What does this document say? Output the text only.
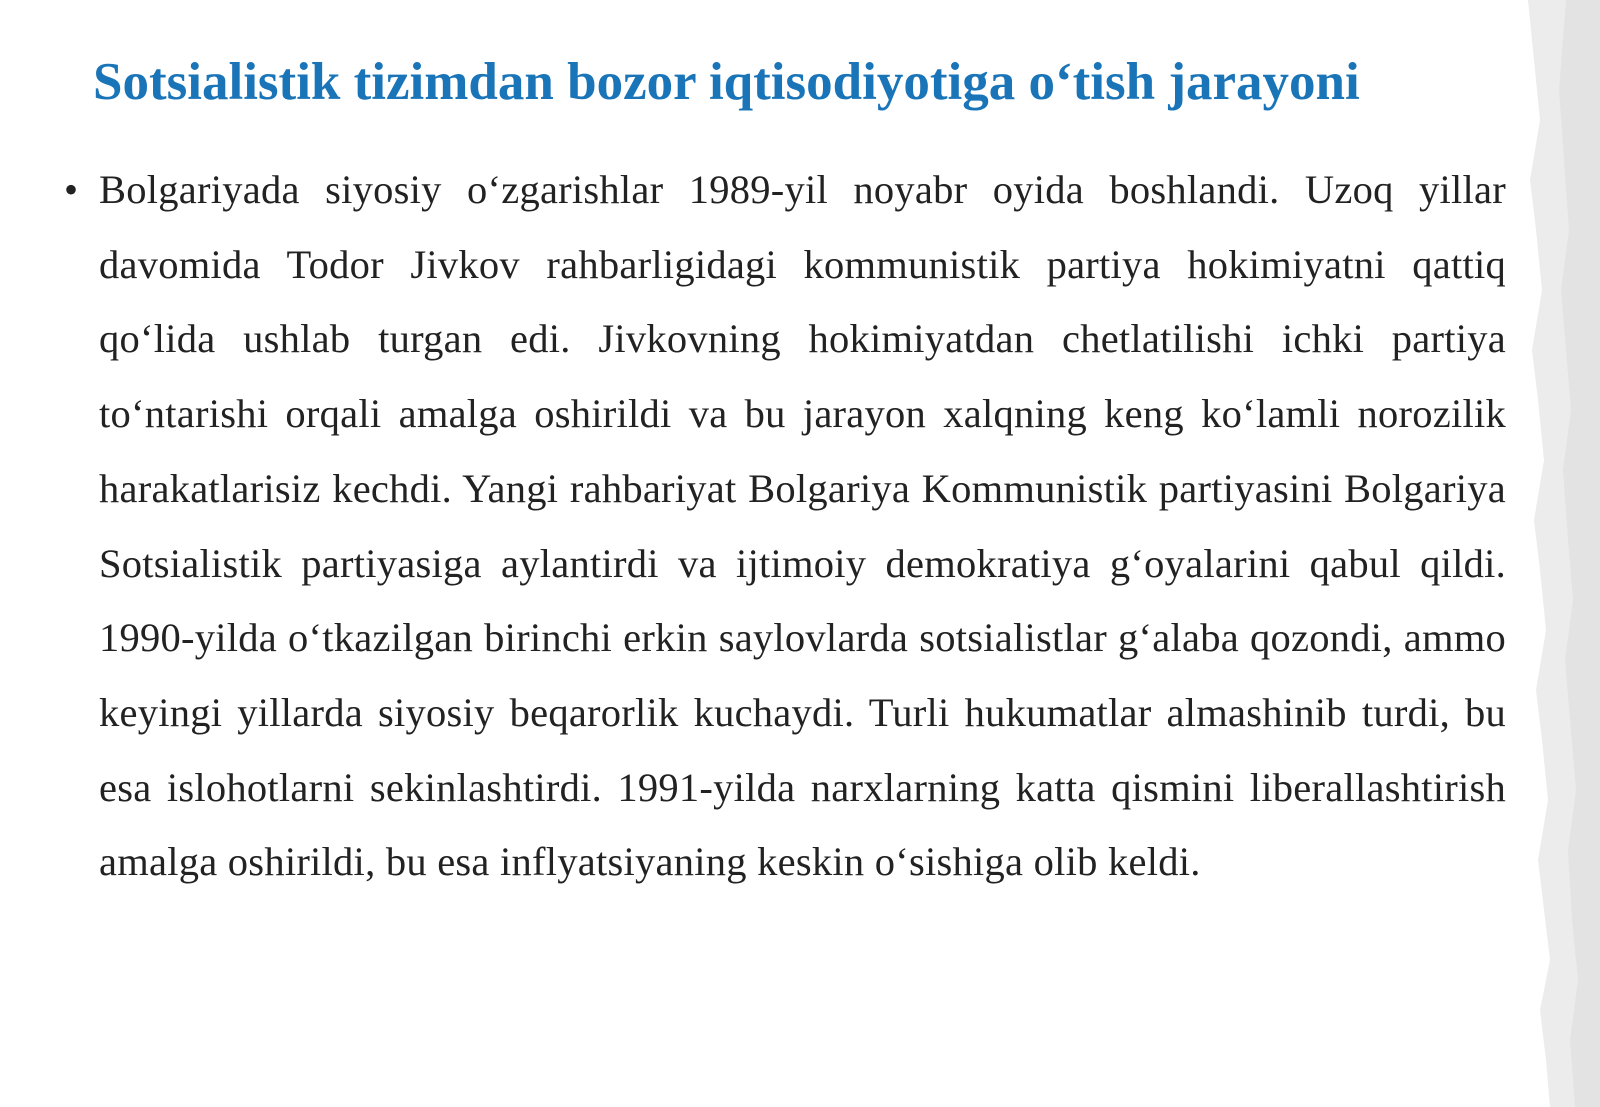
Sotsialistik tizimdan bozor iqtisodiyotiga o‘tish jarayoni
• Bolgariyada siyosiy o‘zgarishlar 1989-yil noyabr oyida boshlandi. Uzoq yillar davomida Todor Jivkov rahbarligidagi kommunistik partiya hokimiyatni qattiq qo‘lida ushlab turgan edi. Jivkovning hokimiyatdan chetlatilishi ichki partiya to‘ntarishi orqali amalga oshirildi va bu jarayon xalqning keng ko‘lamli norozilik harakatlarisiz kechdi. Yangi rahbariyat Bolgariya Kommunistik partiyasini Bolgariya Sotsialistik partiyasiga aylantirdi va ijtimoiy demokratiya g‘oyalarini qabul qildi. 1990-yilda o‘tkazilgan birinchi erkin saylovlarda sotsialistlar g‘alaba qozondi, ammo keyingi yillarda siyosiy beqarorlik kuchaydi. Turli hukumatlar almashinib turdi, bu esa islohotlarni sekinlashtirdi. 1991-yilda narxlarning katta qismini liberallashtirish amalga oshirildi, bu esa inflyatsiyaning keskin o‘sishiga olib keldi.
